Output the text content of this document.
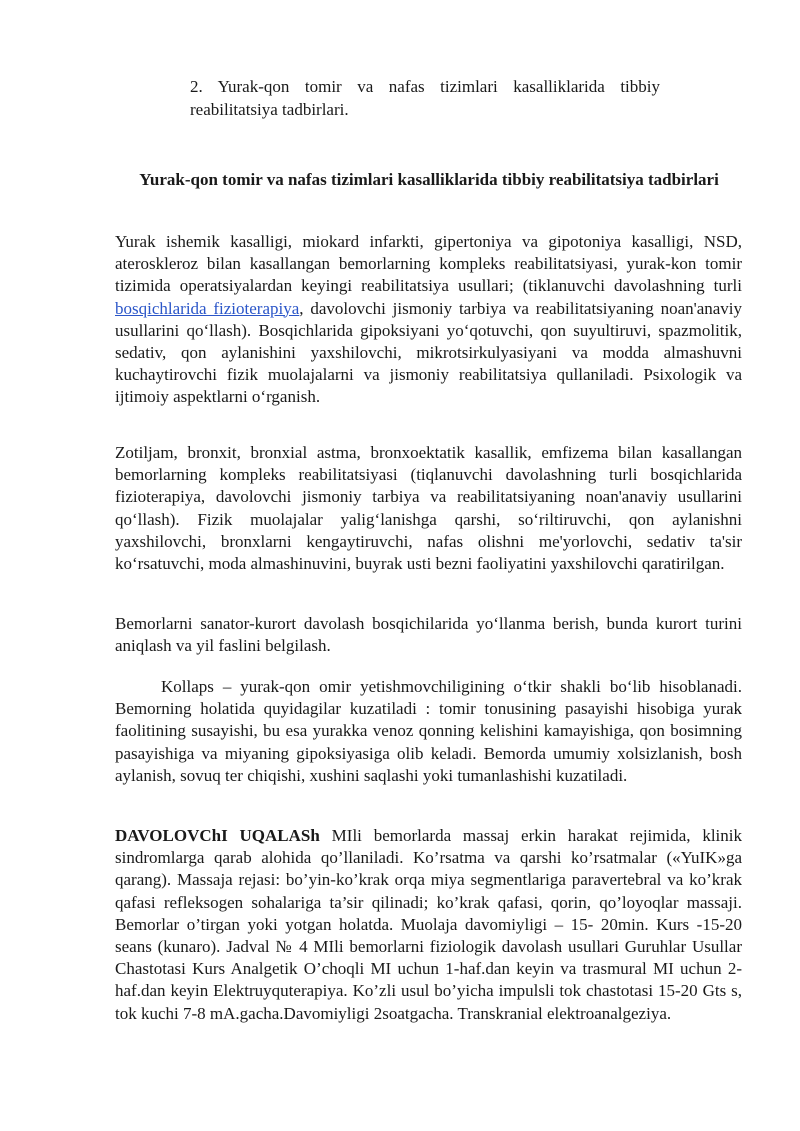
2. Yurak-qon tomir va nafas tizimlari kasalliklarida tibbiy reabilitatsiya tadbirlari.
Yurak-qon tomir va nafas tizimlari kasalliklarida tibbiy reabilitatsiya tadbirlari

Yurak ishemik kasalligi, miokard infarkti, gipertoniya va gipotoniya kasalligi, NSD, ateroskleroz bilan kasallangan bemorlarning kompleks reabilitatsiyasi, yurak-kon tomir tizimida operatsiyalardan keyingi reabilitatsiya usullari; (tiklanuvchi davolashning turli bosqichlarida fizioterapiya, davolovchi jismoniy tarbiya va reabilitatsiyaning noan'anaviy usullarini qo‘llash). Bosqichlarida gipoksiyani yo‘qotuvchi, qon suyultiruvi, spazmolitik, sedativ, qon aylanishini yaxshilovchi, mikrotsirkulyasiyani va modda almashuvni kuchaytirovchi fizik muolajalarni va jismoniy reabilitatsiya qullaniladi. Psixologik va ijtimoiy aspektlarni o‘rganish.

Zotiljam, bronxit, bronxial astma, bronxoektatik kasallik, emfizema bilan kasallangan bemorlarning kompleks reabilitatsiyasi (tiqlanuvchi davolashning turli bosqichlarida fizioterapiya, davolovchi jismoniy tarbiya va reabilitatsiyaning noan'anaviy usullarini qo‘llash). Fizik muolajalar yalig‘lanishga qarshi, so‘riltiruvchi, qon aylanishni yaxshilovchi, bronxlarni kengaytiruvchi, nafas olishni me'yorlovchi, sedativ ta'sir ko‘rsatuvchi, moda almashinuvini, buyrak usti bezni faoliyatini yaxshilovchi qaratirilgan.

Bemorlarni sanator-kurort davolash bosqichilarida yo‘llanma berish, bunda kurort turini aniqlash va yil faslini belgilash.

Kollaps – yurak-qon omir yetishmovchiligining o‘tkir shakli bo‘lib hisoblanadi. Bemorning holatida quyidagilar kuzatiladi : tomir tonusining pasayishi hisobiga yurak faolitining susayishi, bu esa yurakka venoz qonning kelishini kamayishiga, qon bosimning pasayishiga va miyaning gipoksiyasiga olib keladi. Bemorda umumiy xolsizlanish, bosh aylanish, sovuq ter chiqishi, xushini saqlashi yoki tumanlashishi kuzatiladi.

DAVOLOVChI UQALASh MIli bemorlarda massaj erkin harakat rejimida, klinik sindromlarga qarab alohida qo’llaniladi. Ko’rsatma va qarshi ko’rsatmalar («YuIK»ga qarang). Massaja rejasi: bo’yin-ko’krak orqa miya segmentlariga paravertebral va ko’krak qafasi refleksogen sohalariga ta’sir qilinadi; ko’krak qafasi, qorin, qo’loyoqlar massaji. Bemorlar o’tirgan yoki yotgan holatda. Muolaja davomiyligi – 15- 20min. Kurs -15-20 seans (kunaro). Jadval № 4 MIli bemorlarni fiziologik davolash usullari Guruhlar Usullar Chastotasi Kurs Analgetik O’choqli MI uchun 1-haf.dan keyin va trasmural MI uchun 2-haf.dan keyin Elektruyquterapiya. Ko’zli usul bo’yicha impulsli tok chastotasi 15-20 Gts s, tok kuchi 7-8 mA.gacha.Davomiyligi 2soatgacha. Transkranial elektroanalgeziya.
